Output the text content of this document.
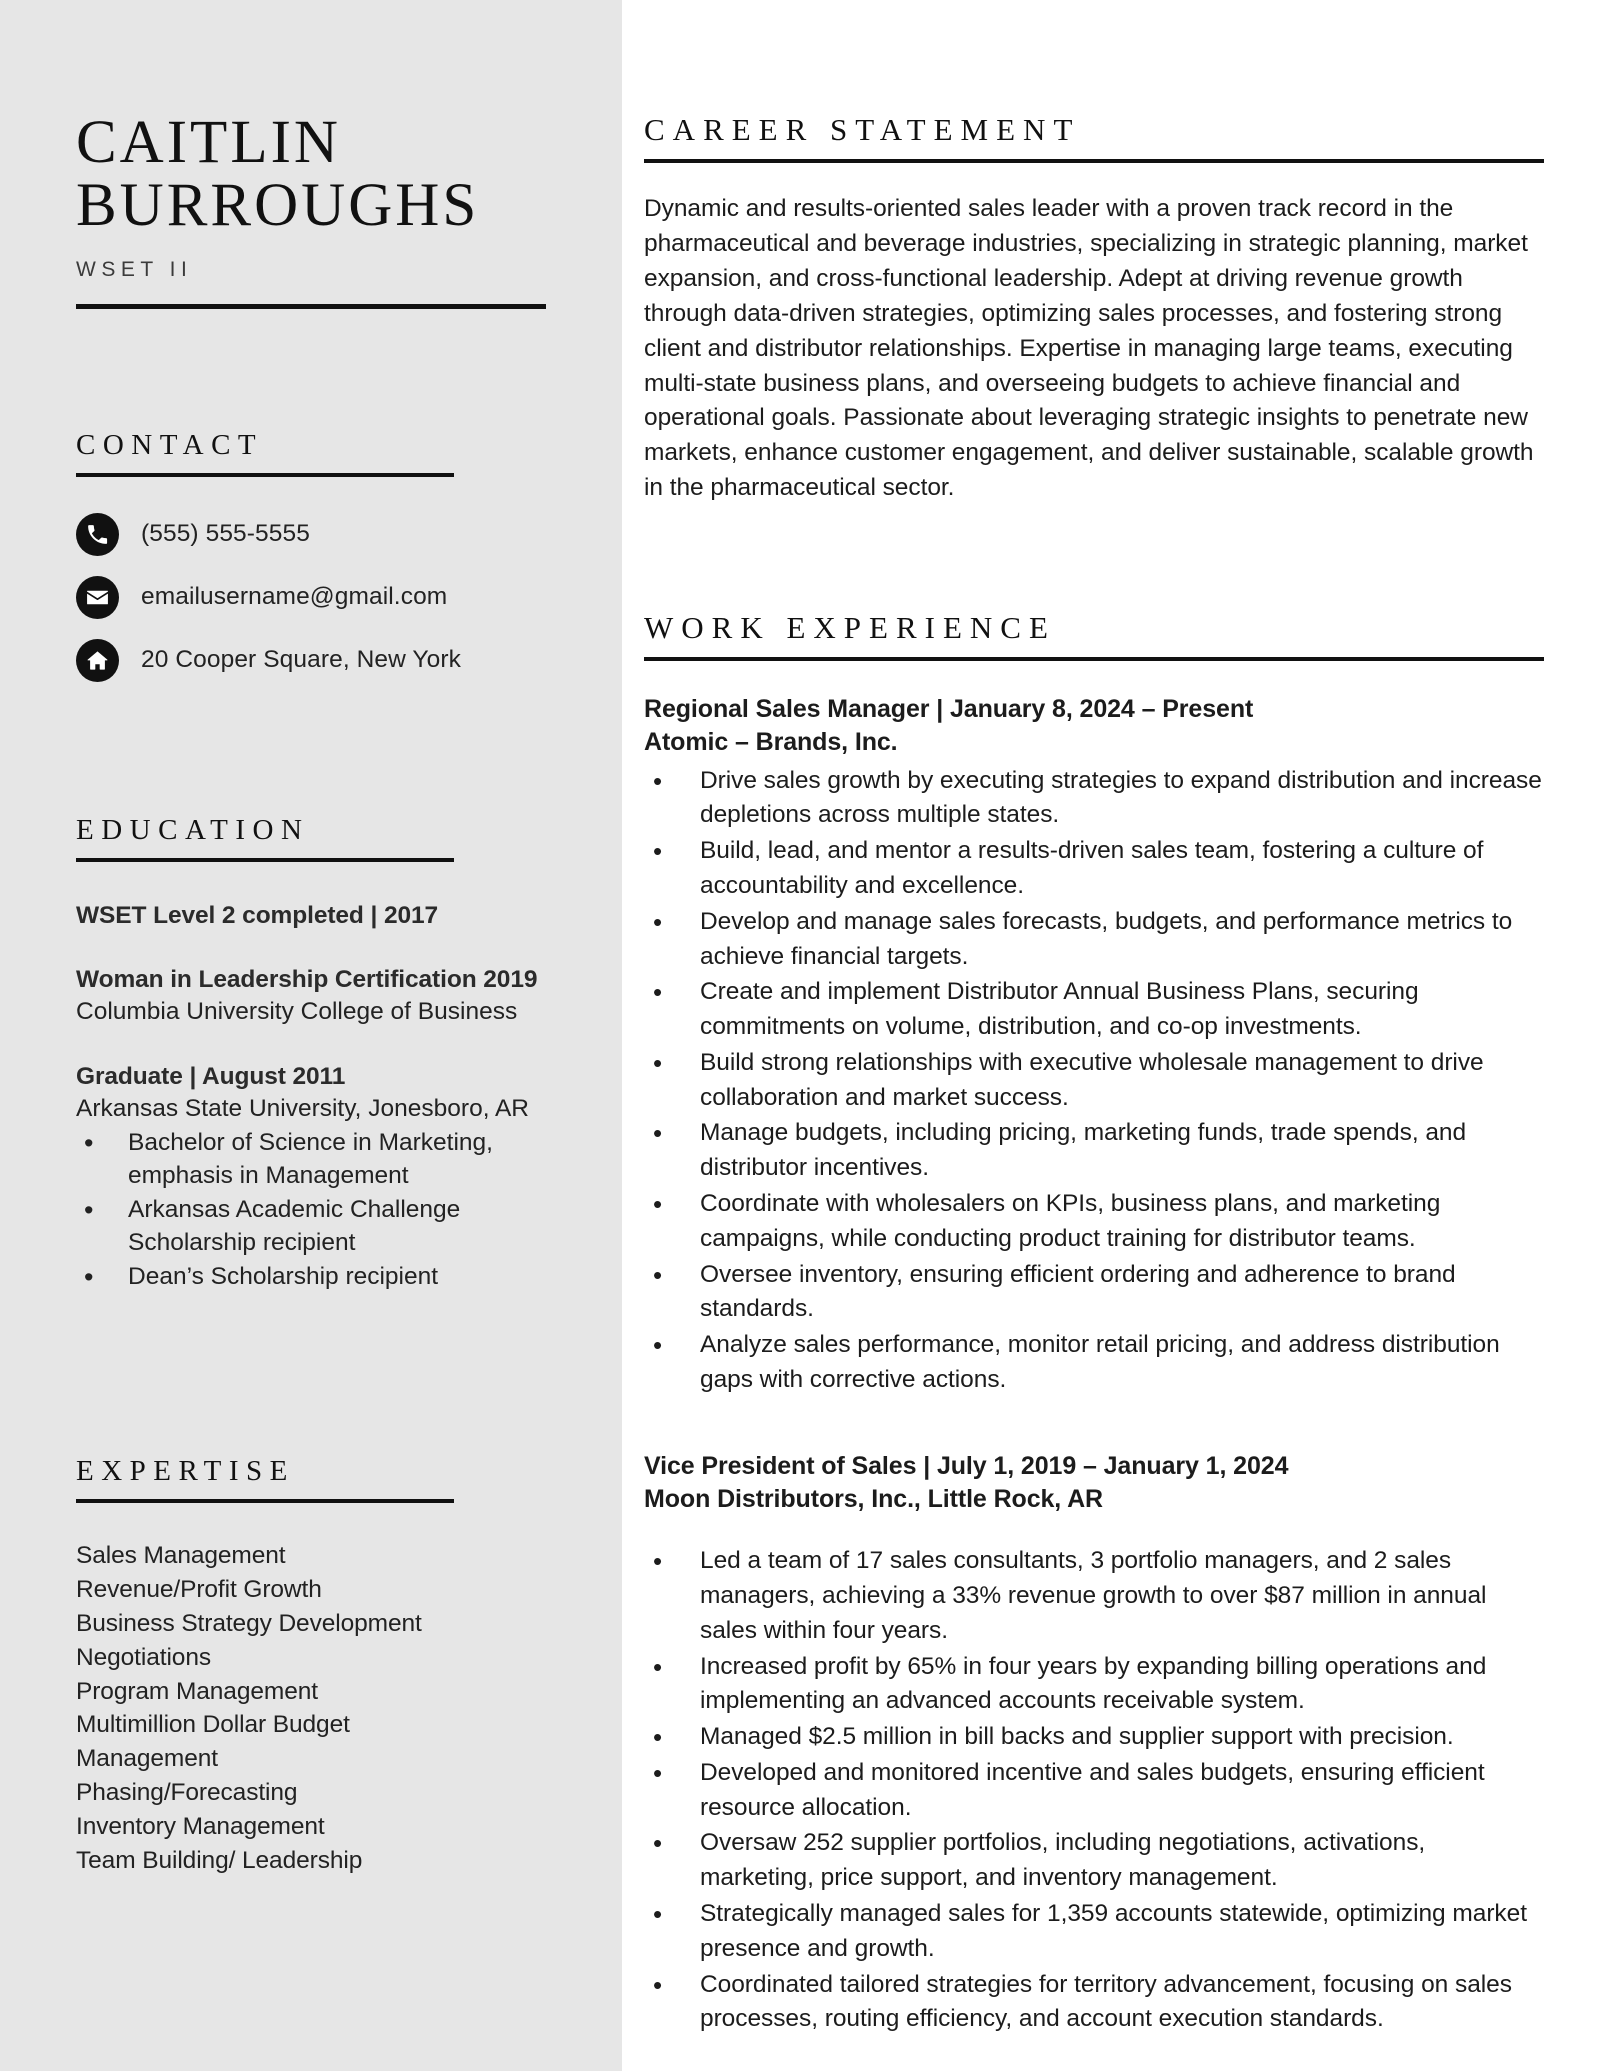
CAITLIN
BURROUGHS
WSET II
CONTACT
(555) 555-5555
emailusername@gmail.com
20 Cooper Square, New York
EDUCATION
WSET Level 2 completed | 2017
Woman in Leadership Certification 2019
Columbia University College of Business
Graduate | August 2011
Arkansas State University, Jonesboro, AR
• Bachelor of Science in Marketing, emphasis in Management
• Arkansas Academic Challenge Scholarship recipient
• Dean’s Scholarship recipient
EXPERTISE
Sales Management
Revenue/Profit Growth
Business Strategy Development
Negotiations
Program Management
Multimillion Dollar Budget
Management
Phasing/Forecasting
Inventory Management
Team Building/ Leadership
CAREER STATEMENT

Dynamic and results-oriented sales leader with a proven track record in the pharmaceutical and beverage industries, specializing in strategic planning, market expansion, and cross-functional leadership. Adept at driving revenue growth through data-driven strategies, optimizing sales processes, and fostering strong client and distributor relationships. Expertise in managing large teams, executing multi-state business plans, and overseeing budgets to achieve financial and operational goals. Passionate about leveraging strategic insights to penetrate new markets, enhance customer engagement, and deliver sustainable, scalable growth in the pharmaceutical sector.

WORK EXPERIENCE
Regional Sales Manager | January 8, 2024 – Present
Atomic – Brands, Inc.
• Drive sales growth by executing strategies to expand distribution and increase depletions across multiple states.
• Build, lead, and mentor a results-driven sales team, fostering a culture of accountability and excellence.
• Develop and manage sales forecasts, budgets, and performance metrics to achieve financial targets.
• Create and implement Distributor Annual Business Plans, securing commitments on volume, distribution, and co-op investments.
• Build strong relationships with executive wholesale management to drive collaboration and market success.
• Manage budgets, including pricing, marketing funds, trade spends, and distributor incentives.
• Coordinate with wholesalers on KPIs, business plans, and marketing campaigns, while conducting product training for distributor teams.
• Oversee inventory, ensuring efficient ordering and adherence to brand standards.
• Analyze sales performance, monitor retail pricing, and address distribution gaps with corrective actions.
Vice President of Sales | July 1, 2019 – January 1, 2024
Moon Distributors, Inc., Little Rock, AR
• Led a team of 17 sales consultants, 3 portfolio managers, and 2 sales managers, achieving a 33% revenue growth to over $87 million in annual sales within four years.
• Increased profit by 65% in four years by expanding billing operations and implementing an advanced accounts receivable system.
• Managed $2.5 million in bill backs and supplier support with precision.
• Developed and monitored incentive and sales budgets, ensuring efficient resource allocation.
• Oversaw 252 supplier portfolios, including negotiations, activations, marketing, price support, and inventory management.
• Strategically managed sales for 1,359 accounts statewide, optimizing market presence and growth.
• Coordinated tailored strategies for territory advancement, focusing on sales processes, routing efficiency, and account execution standards.
